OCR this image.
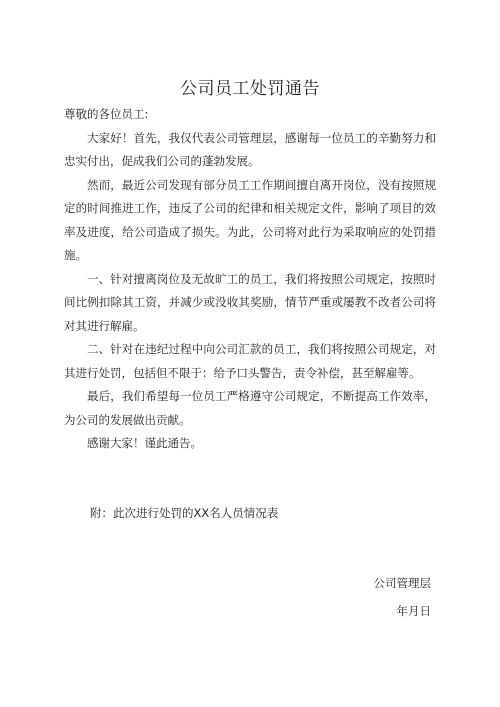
公司员工处罚通告

尊敬的各位员工:

大家好！首先，我仅代表公司管理层，感谢每一位员工的辛勤努力和忠实付出，促成我们公司的蓬勃发展。

然而，最近公司发现有部分员工工作期间擅自离开岗位，没有按照规定的时间推进工作，违反了公司的纪律和相关规定文件，影响了项目的效率及进度，给公司造成了损失。为此，公司将对此行为采取响应的处罚措施。

一、针对擅离岗位及无故旷工的员工，我们将按照公司规定，按照时间比例扣除其工资，并减少或没收其奖励，情节严重或屡教不改者公司将对其进行解雇。

二、针对在违纪过程中向公司汇款的员工，我们将按照公司规定，对其进行处罚，包括但不限于：给予口头警告，责令补偿，甚至解雇等。

最后，我们希望每一位员工严格遵守公司规定，不断提高工作效率，为公司的发展做出贡献。

感谢大家！谨此通告。

附：此次进行处罚的XX名人员情况表
公司管理层
年月日
